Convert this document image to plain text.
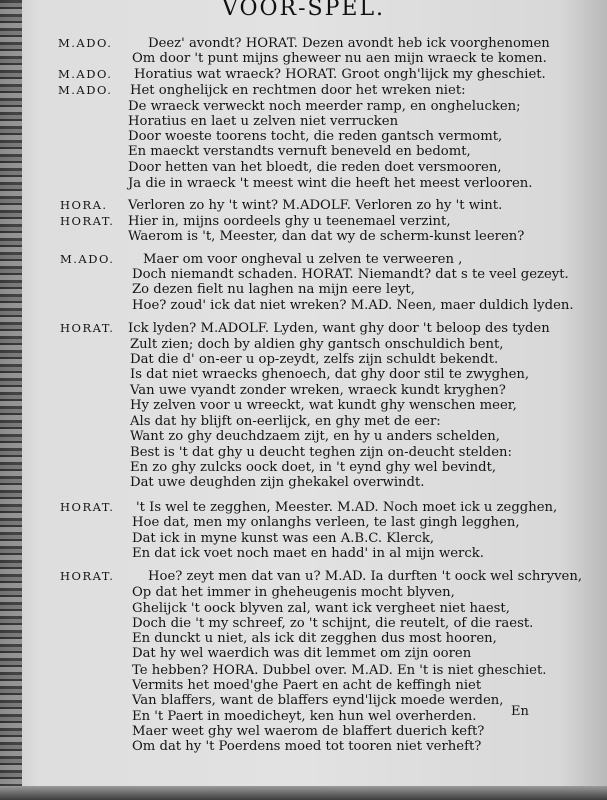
VOOR-SPEL.
M.ADO.	Deez' avondt? HORAT. Dezen avondt heb ick voorghenomen
Om door 't punt mijns gheweer nu aen mijn wraeck te komen.
M.ADO. Horatius wat wraeck? HORAT. Groot ongh'lijck my gheschiet.
M.ADO. Het onghelijck en rechtmen door het wreken niet:
De wraeck verweckt noch meerder ramp, en onghelucken;
Horatius en laet u zelven niet verrucken
Door woeste toorens tocht, die reden gantsch vermomt,
En maeckt verstandts vernuft beneveld en bedomt,
Door hetten van het bloedt, die reden doet versmooren,
Ja die in wraeck 't meest wint die heeft het meest verlooren.
HORA. Verloren zo hy 't wint? M.ADOLF. Verloren zo hy 't wint.
HORAT. Hier in, mijns oordeels ghy u teenemael verzint,
Waerom is 't, Meester, dan dat wy de scherm-kunst leeren?
M.ADO. Maer om voor ongheval u zelven te verweeren ,
Doch niemandt schaden. HORAT. Niemandt? dat s te veel gezeyt.
Zo dezen fielt nu laghen na mijn eere leyt,
Hoe? zoud' ick dat niet wreken? M.AD. Neen, maer duldich lyden.
HORAT. Ick lyden? M.ADOLF. Lyden, want ghy door 't beloop des tyden
Zult zien; doch by aldien ghy gantsch onschuldich bent,
Dat die d' on-eer u op-zeydt, zelfs zijn schuldt bekendt.
Is dat niet wraecks ghenoech, dat ghy door stil te zwyghen,
Van uwe vyandt zonder wreken, wraeck kundt kryghen?
Hy zelven voor u wreeckt, wat kundt ghy wenschen meer,
Als dat hy blijft on-eerlijck, en ghy met de eer:
Want zo ghy deuchdzaem zijt, en hy u anders schelden,
Best is 't dat ghy u deucht teghen zijn on-deucht stelden:
En zo ghy zulcks oock doet, in 't eynd ghy wel bevindt,
Dat uwe deughden zijn ghekakel overwindt.
HORAT. 't Is wel te zegghen, Meester. M.AD. Noch moet ick u zegghen,
Hoe dat, men my onlanghs verleen, te last gingh legghen,
Dat ick in myne kunst was een A.B.C. Klerck,
En dat ick voet noch maet en hadd' in al mijn werck.
HORAT.	Hoe? zeyt men dat van u? M.AD. Ia durften 't oock wel schryven,
Op dat het immer in gheheugenis mocht blyven,
Ghelijck 't oock blyven zal, want ick vergheet niet haest,
Doch die 't my schreef, zo 't schijnt, die reutelt, of die raest.
En dunckt u niet, als ick dit zegghen dus most hooren,
Dat hy wel waerdich was dit lemmet om zijn ooren
Te hebben? HORA. Dubbel over. M.AD. En 't is niet gheschiet.
Vermits het moed'ghe Paert en acht de keffingh niet
Van blaffers, want de blaffers eynd'lijck moede werden,
En 't Paert in moedicheyt, ken hun wel overherden.
Maer weet ghy wel waerom de blaffert duerich keft?
Om dat hy 't Poerdens moed tot tooren niet verheft?
En
